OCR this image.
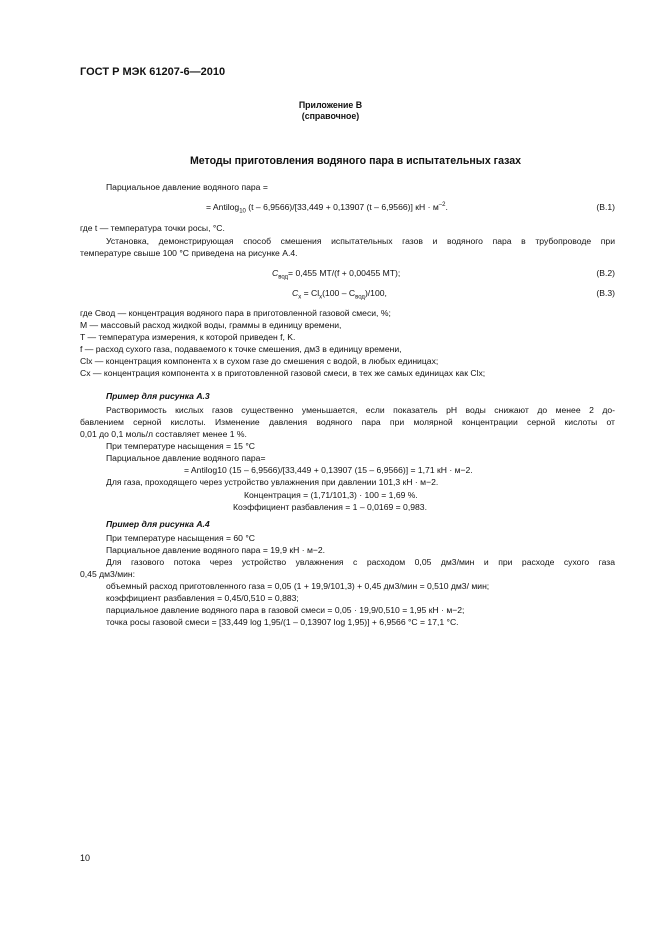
ГОСТ Р МЭК 61207-6—2010
Приложение В
(справочное)
Методы приготовления водяного пара в испытательных газах
Парциальное давление водяного пара =
= Antilog$_{10}$ (t – 6,9566)/[33,449 + 0,13907 (t – 6,9566)] кН · $м^{-2}$.	(B.1)
где t — температура точки росы, °C.
Установка, демонстрирующая способ смешения испытательных газов и водяного пара в трубопроводе при
температуре свыше 100 °C приведена на рисунке А.4.
$C_{вод}= 0,455$ MT/(f + 0,00455 MT);	(B.2)
$C_x = Cl_x(100 - C_{вод})/100$,	(B.3)
где Cвод — концентрация водяного пара в приготовленной газовой смеси, %;
M — массовый расход жидкой воды, граммы в единицу времени,
T — температура измерения, к которой приведен f, K.
f — расход сухого газа, подаваемого к точке смешения, дм3 в единицу времени,
Clx — концентрация компонента x в сухом газе до смешения с водой, в любых единицах;
Cx — концентрация компонента x в приготовленной газовой смеси, в тех же самых единицах как Clx;
Пример для рисунка А.3
Растворимость кислых газов существенно уменьшается, если показатель pH воды снижают до менее 2 до-
бавлением серной кислоты. Изменение давления водяного пара при молярной концентрации серной кислоты от
0,01 до 0,1 моль/л составляет менее 1 %.
При температуре насыщения = 15 °C
Парциальное давление водяного пара=
= Antilog10 (15 – 6,9566)/[33,449 + 0,13907 (15 – 6,9566)] = 1,71 кН · м−2.
Для газа, проходящего через устройство увлажнения при давлении 101,3 кН · м−2.
Концентрация = (1,71/101,3) · 100 = 1,69 %.
Коэффициент разбавления = 1 – 0,0169 = 0,983.
Пример для рисунка А.4
При температуре насыщения = 60 °C
Парциальное давление водяного пара = 19,9 кН · м−2.
Для газового потока через устройство увлажнения с расходом 0,05 дм3/мин и при расходе сухого газа
0,45 дм3/мин:
объемный расход приготовленного газа = 0,05 (1 + 19,9/101,3) + 0,45 дм3/мин = 0,510 дм3/ мин;
коэффициент разбавления = 0,45/0,510 = 0,883;
парциальное давление водяного пара в газовой смеси = 0,05 · 19,9/0,510 = 1,95 кН · м−2;
точка росы газовой смеси = [33,449 log 1,95/(1 – 0,13907 log 1,95)] + 6,9566 °C = 17,1 °C.
10
